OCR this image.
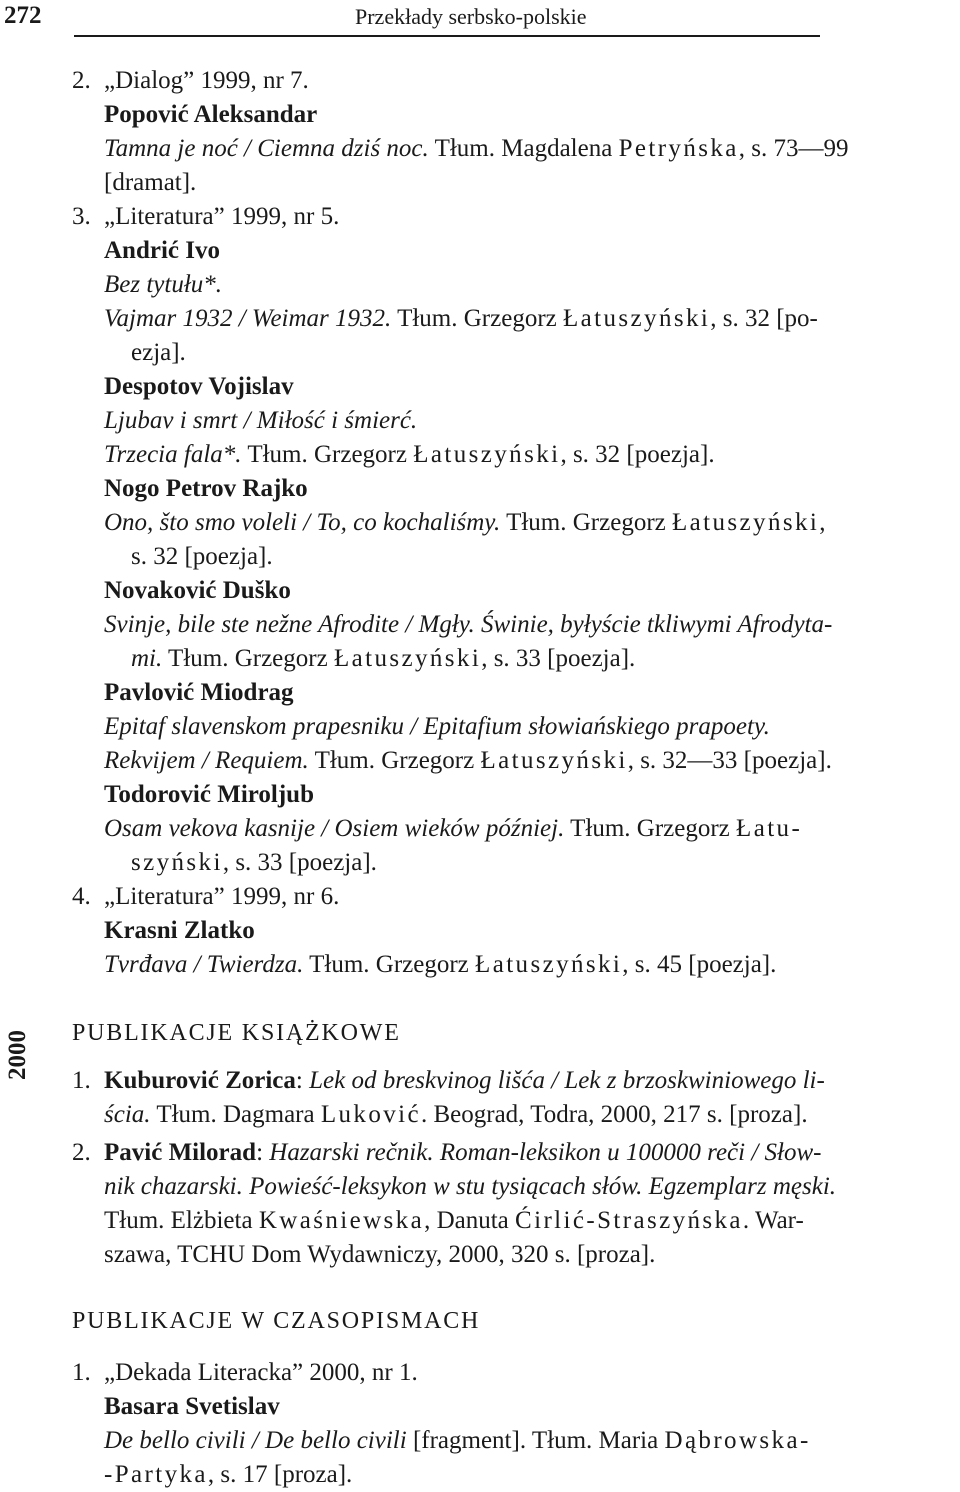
272	Przekłady serbsko-polskie
2000
2. „Dialog” 1999, nr 7.
Popović Aleksandar
Tamna je noć / Ciemna dziś noc. Tłum. Magdalena Petryńska, s. 73—99
[dramat].
3. „Literatura” 1999, nr 5.
Andrić Ivo
Bez tytułu*.
Vajmar 1932 / Weimar 1932. Tłum. Grzegorz Łatuszyński, s. 32 [po-
ezja].
Despotov Vojislav
Ljubav i smrt / Miłość i śmierć.
Trzecia fala*. Tłum. Grzegorz Łatuszyński, s. 32 [poezja].
Nogo Petrov Rajko
Ono, što smo voleli / To, co kochaliśmy. Tłum. Grzegorz Łatuszyński,
s. 32 [poezja].
Novaković Duško
Svinje, bile ste nežne Afrodite / Mgły. Świnie, byłyście tkliwymi Afrodyta-
mi. Tłum. Grzegorz Łatuszyński, s. 33 [poezja].
Pavlović Miodrag
Epitaf slavenskom prapesniku / Epitafium słowiańskiego prapoety.
Rekvijem / Requiem. Tłum. Grzegorz Łatuszyński, s. 32—33 [poezja].
Todorović Miroljub
Osam vekova kasnije / Osiem wieków później. Tłum. Grzegorz Łatu-
szyński, s. 33 [poezja].
4. „Literatura” 1999, nr 6.
Krasni Zlatko
Tvrđava / Twierdza. Tłum. Grzegorz Łatuszyński, s. 45 [poezja].
PUBLIKACJE KSIĄŻKOWE
1. Kuburović Zorica: Lek od breskvinog lišća / Lek z brzoskwiniowego li-
ścia. Tłum. Dagmara Luković. Beograd, Todra, 2000, 217 s. [proza].
2. Pavić Milorad: Hazarski rečnik. Roman-leksikon u 100000 reči / Słow-
nik chazarski. Powieść-leksykon w stu tysiącach słów. Egzemplarz męski.
Tłum. Elżbieta Kwaśniewska, Danuta Ćirlić-Straszyńska. War-
szawa, TCHU Dom Wydawniczy, 2000, 320 s. [proza].
PUBLIKACJE W CZASOPISMACH
1. „Dekada Literacka” 2000, nr 1.
Basara Svetislav
De bello civili / De bello civili [fragment]. Tłum. Maria Dąbrowska-
-Partyka, s. 17 [proza].
